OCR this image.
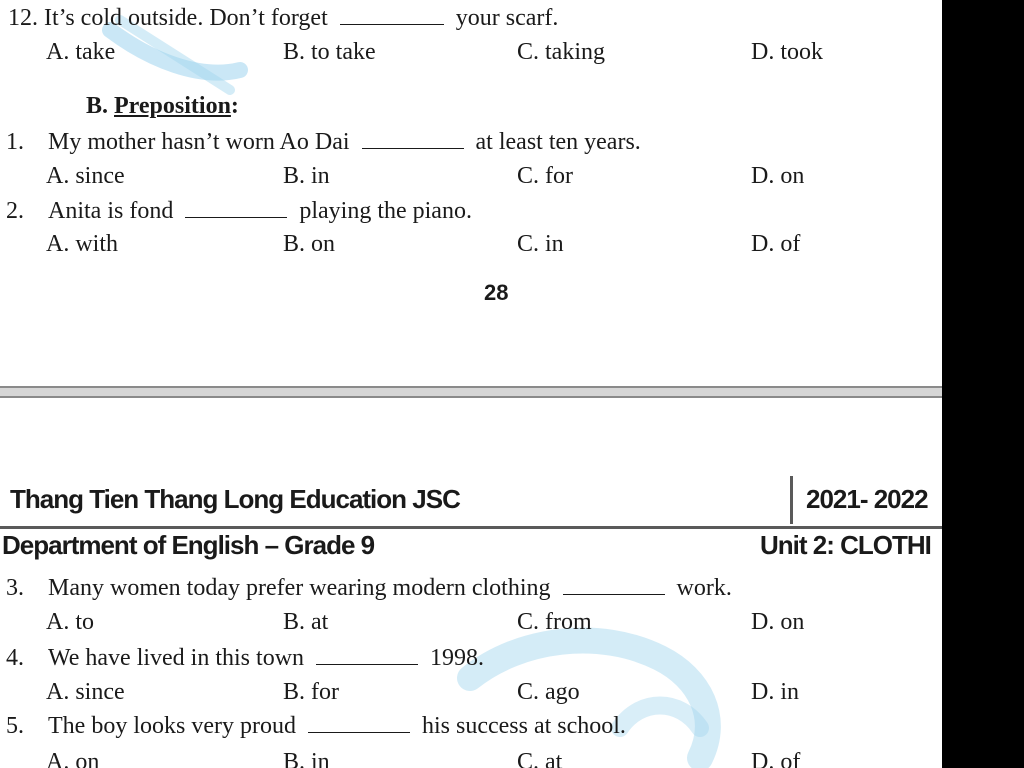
12. It’s cold outside. Don’t forget	your scarf.
A. take	B. to take	C. taking	D. took
B. Preposition:
1. My mother hasn’t worn Ao Dai	at least ten years.
A. since	B. in	C. for	D. on
2. Anita is fond	playing the piano.
A. with	B. on	C. in	D. of
28
Thang Tien Thang Long Education JSC	2021- 2022
Department of English – Grade 9	Unit 2: CLOTHI
3. Many women today prefer wearing modern clothing	work.
A. to	B. at	C. from	D. on
4. We have lived in this town	1998.
A. since	B. for	C. ago	D. in
5. The boy looks very proud	his success at school.
A. on	B. in	C. at	D. of
